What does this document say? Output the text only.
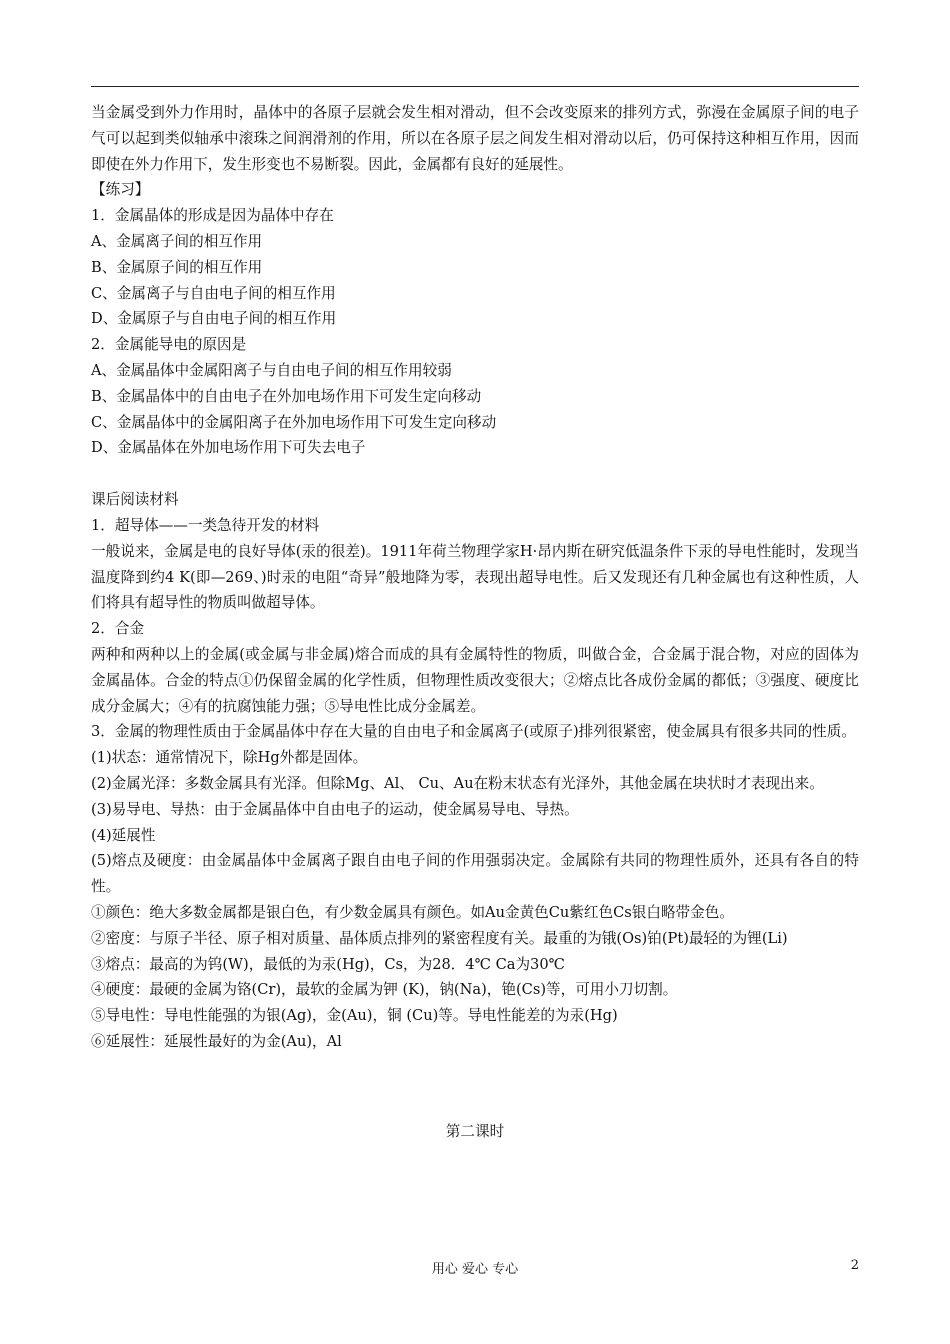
当金属受到外力作用时，晶体中的各原子层就会发生相对滑动，但不会改变原来的排列方式，弥漫在金属原子间的电子气可以起到类似轴承中滚珠之间润滑剂的作用，所以在各原子层之间发生相对滑动以后，仍可保持这种相互作用，因而即使在外力作用下，发生形变也不易断裂。因此，金属都有良好的延展性。

【练习】

1．金属晶体的形成是因为晶体中存在

A、金属离子间的相互作用

B、金属原子间的相互作用

C、金属离子与自由电子间的相互作用

D、金属原子与自由电子间的相互作用

2．金属能导电的原因是

A、金属晶体中金属阳离子与自由电子间的相互作用较弱

B、金属晶体中的自由电子在外加电场作用下可发生定向移动

C、金属晶体中的金属阳离子在外加电场作用下可发生定向移动

D、金属晶体在外加电场作用下可失去电子

课后阅读材料

1．超导体——一类急待开发的材料

一般说来，金属是电的良好导体(汞的很差)。1911年荷兰物理学家H·昂内斯在研究低温条件下汞的导电性能时，发现当温度降到约4 K(即—269、)时汞的电阻“奇异”般地降为零，表现出超导电性。后又发现还有几种金属也有这种性质，人们将具有超导性的物质叫做超导体。

2．合金

两种和两种以上的金属(或金属与非金属)熔合而成的具有金属特性的物质，叫做合金，合金属于混合物，对应的固体为金属晶体。合金的特点①仍保留金属的化学性质，但物理性质改变很大；②熔点比各成份金属的都低；③强度、硬度比成分金属大；④有的抗腐蚀能力强；⑤导电性比成分金属差。

3．金属的物理性质由于金属晶体中存在大量的自由电子和金属离子(或原子)排列很紧密，使金属具有很多共同的性质。

(1)状态：通常情况下，除Hg外都是固体。

(2)金属光泽：多数金属具有光泽。但除Mg、Al、 Cu、Au在粉末状态有光泽外，其他金属在块状时才表现出来。

(3)易导电、导热：由于金属晶体中自由电子的运动，使金属易导电、导热。

(4)延展性

(5)熔点及硬度：由金属晶体中金属离子跟自由电子间的作用强弱决定。金属除有共同的物理性质外，还具有各自的特性。

①颜色：绝大多数金属都是银白色，有少数金属具有颜色。如Au金黄色Cu紫红色Cs银白略带金色。

②密度：与原子半径、原子相对质量、晶体质点排列的紧密程度有关。最重的为锇(Os)铂(Pt)最轻的为锂(Li)

③熔点：最高的为钨(W)，最低的为汞(Hg)，Cs，为28．4℃ Ca为30℃

④硬度：最硬的金属为铬(Cr)，最软的金属为钾 (K)，钠(Na)，铯(Cs)等，可用小刀切割。

⑤导电性：导电性能强的为银(Ag)，金(Au)，铜 (Cu)等。导电性能差的为汞(Hg)

⑥延展性：延展性最好的为金(Au)，Al

第二课时

用心 爱心 专心	2
